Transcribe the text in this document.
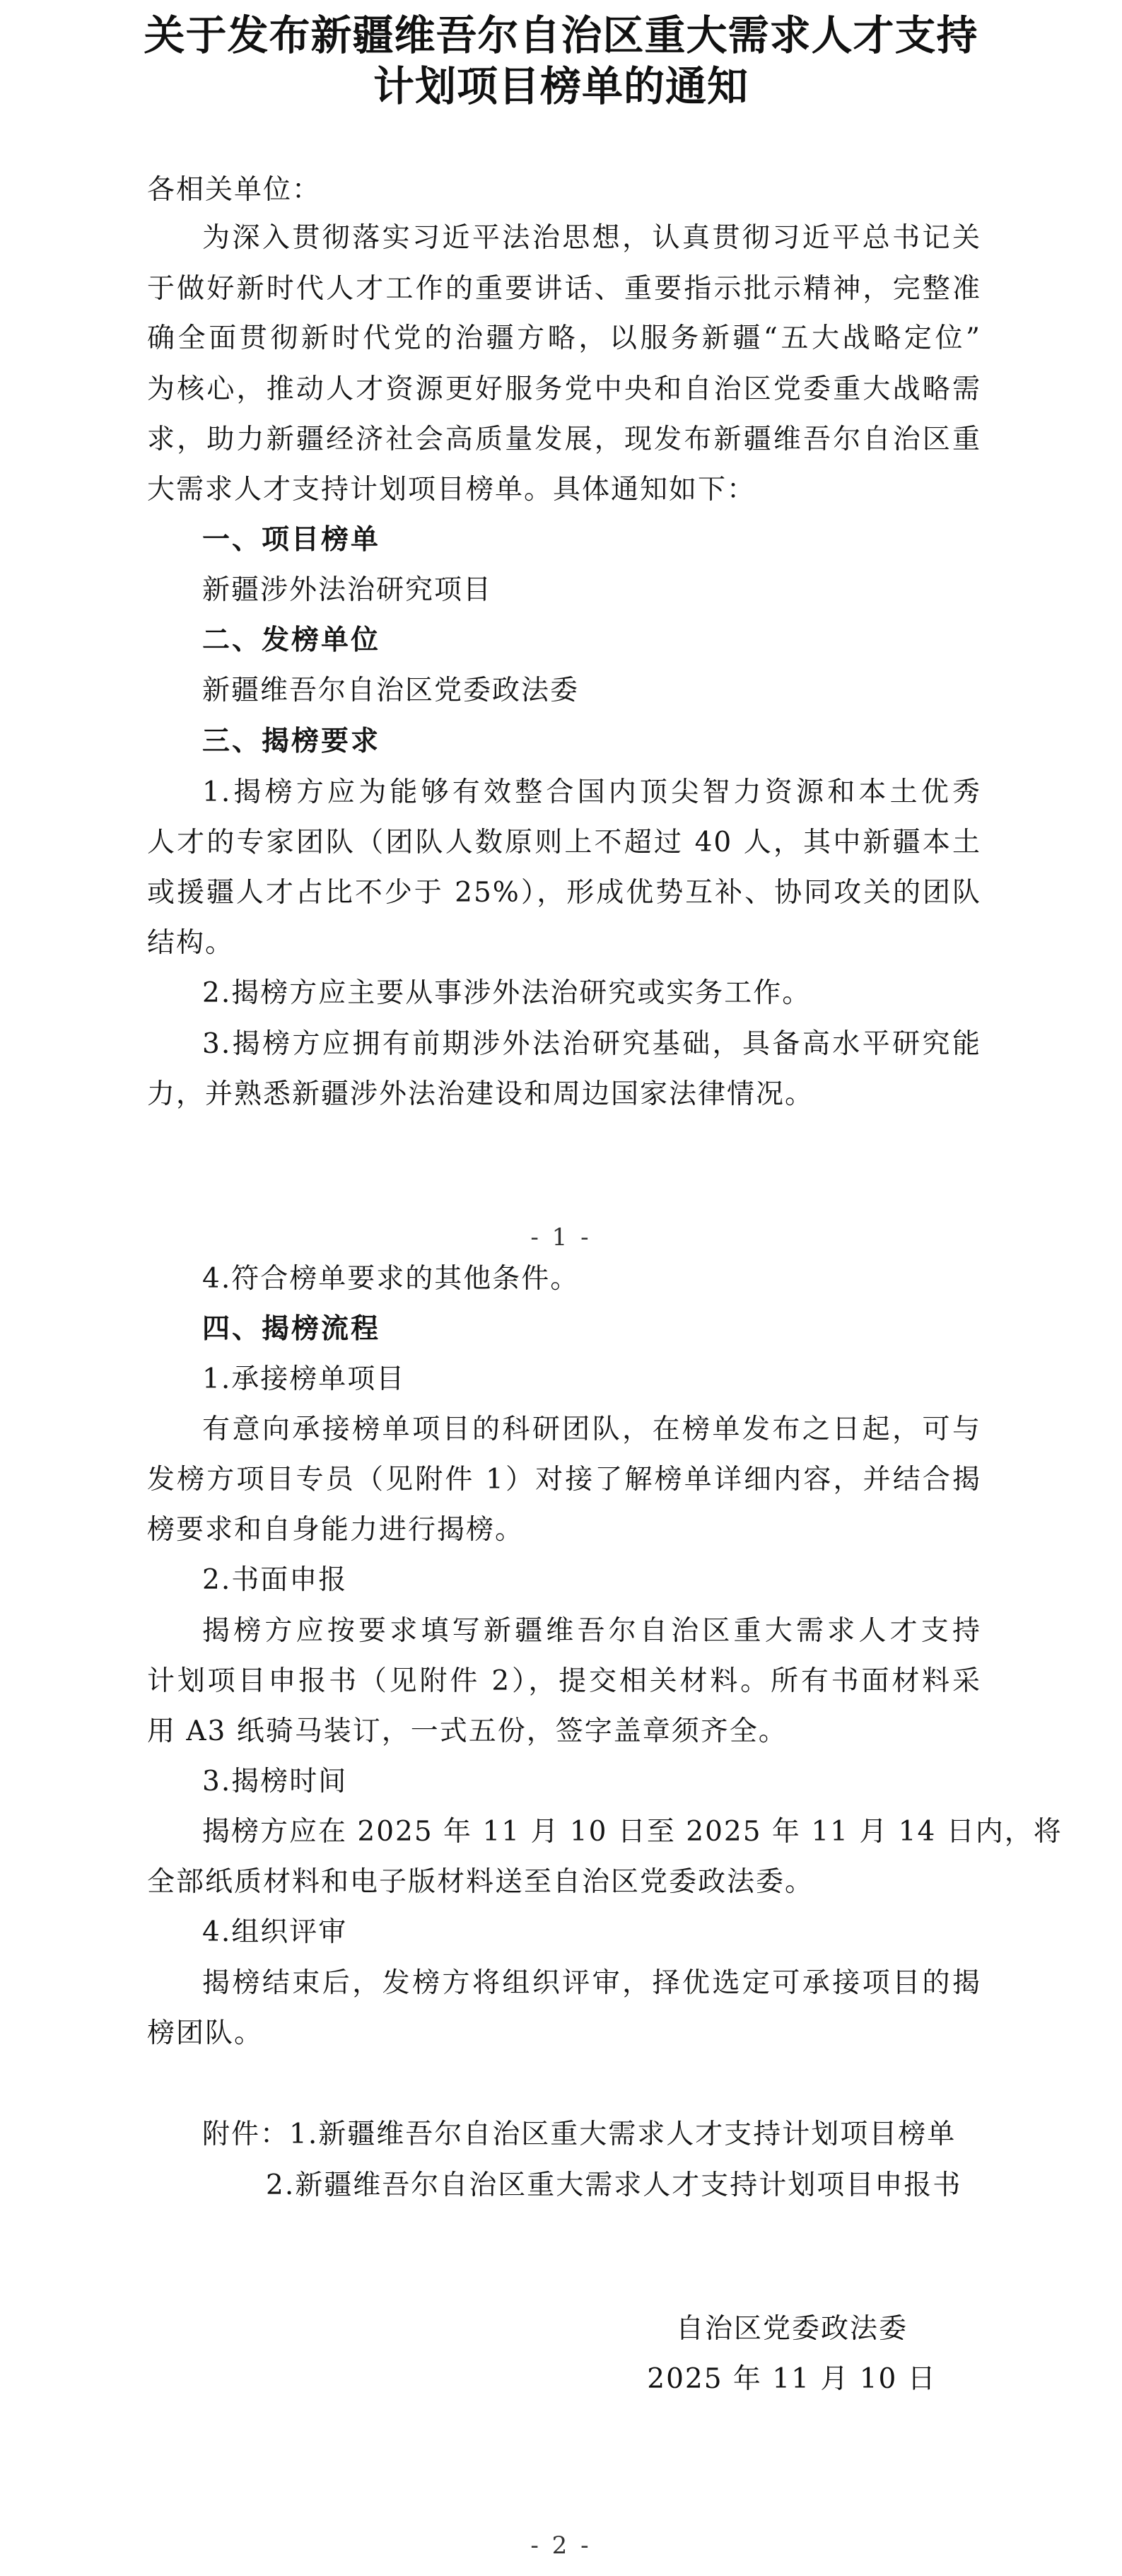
关于发布新疆维吾尔自治区重大需求人才支持
计划项目榜单的通知
各相关单位：
为深入贯彻落实习近平法治思想，认真贯彻习近平总书记关
于做好新时代人才工作的重要讲话、重要指示批示精神，完整准
确全面贯彻新时代党的治疆方略，以服务新疆“五大战略定位”
为核心，推动人才资源更好服务党中央和自治区党委重大战略需
求，助力新疆经济社会高质量发展，现发布新疆维吾尔自治区重
大需求人才支持计划项目榜单。具体通知如下：
一、项目榜单
新疆涉外法治研究项目
二、发榜单位
新疆维吾尔自治区党委政法委
三、揭榜要求
1.揭榜方应为能够有效整合国内顶尖智力资源和本土优秀
人才的专家团队（团队人数原则上不超过 40 人，其中新疆本土
或援疆人才占比不少于 25%），形成优势互补、协同攻关的团队
结构。
2.揭榜方应主要从事涉外法治研究或实务工作。
3.揭榜方应拥有前期涉外法治研究基础，具备高水平研究能
力，并熟悉新疆涉外法治建设和周边国家法律情况。
- 1 -
4.符合榜单要求的其他条件。
四、揭榜流程
1.承接榜单项目
有意向承接榜单项目的科研团队，在榜单发布之日起，可与
发榜方项目专员（见附件 1）对接了解榜单详细内容，并结合揭
榜要求和自身能力进行揭榜。
2.书面申报
揭榜方应按要求填写新疆维吾尔自治区重大需求人才支持
计划项目申报书（见附件 2），提交相关材料。所有书面材料采
用 A3 纸骑马装订，一式五份，签字盖章须齐全。
3.揭榜时间
揭榜方应在 2025 年 11 月 10 日至 2025 年 11 月 14 日内，将
全部纸质材料和电子版材料送至自治区党委政法委。
4.组织评审
揭榜结束后，发榜方将组织评审，择优选定可承接项目的揭
榜团队。
附件：1.新疆维吾尔自治区重大需求人才支持计划项目榜单
2.新疆维吾尔自治区重大需求人才支持计划项目申报书
自治区党委政法委
2025 年 11 月 10 日
- 2 -
